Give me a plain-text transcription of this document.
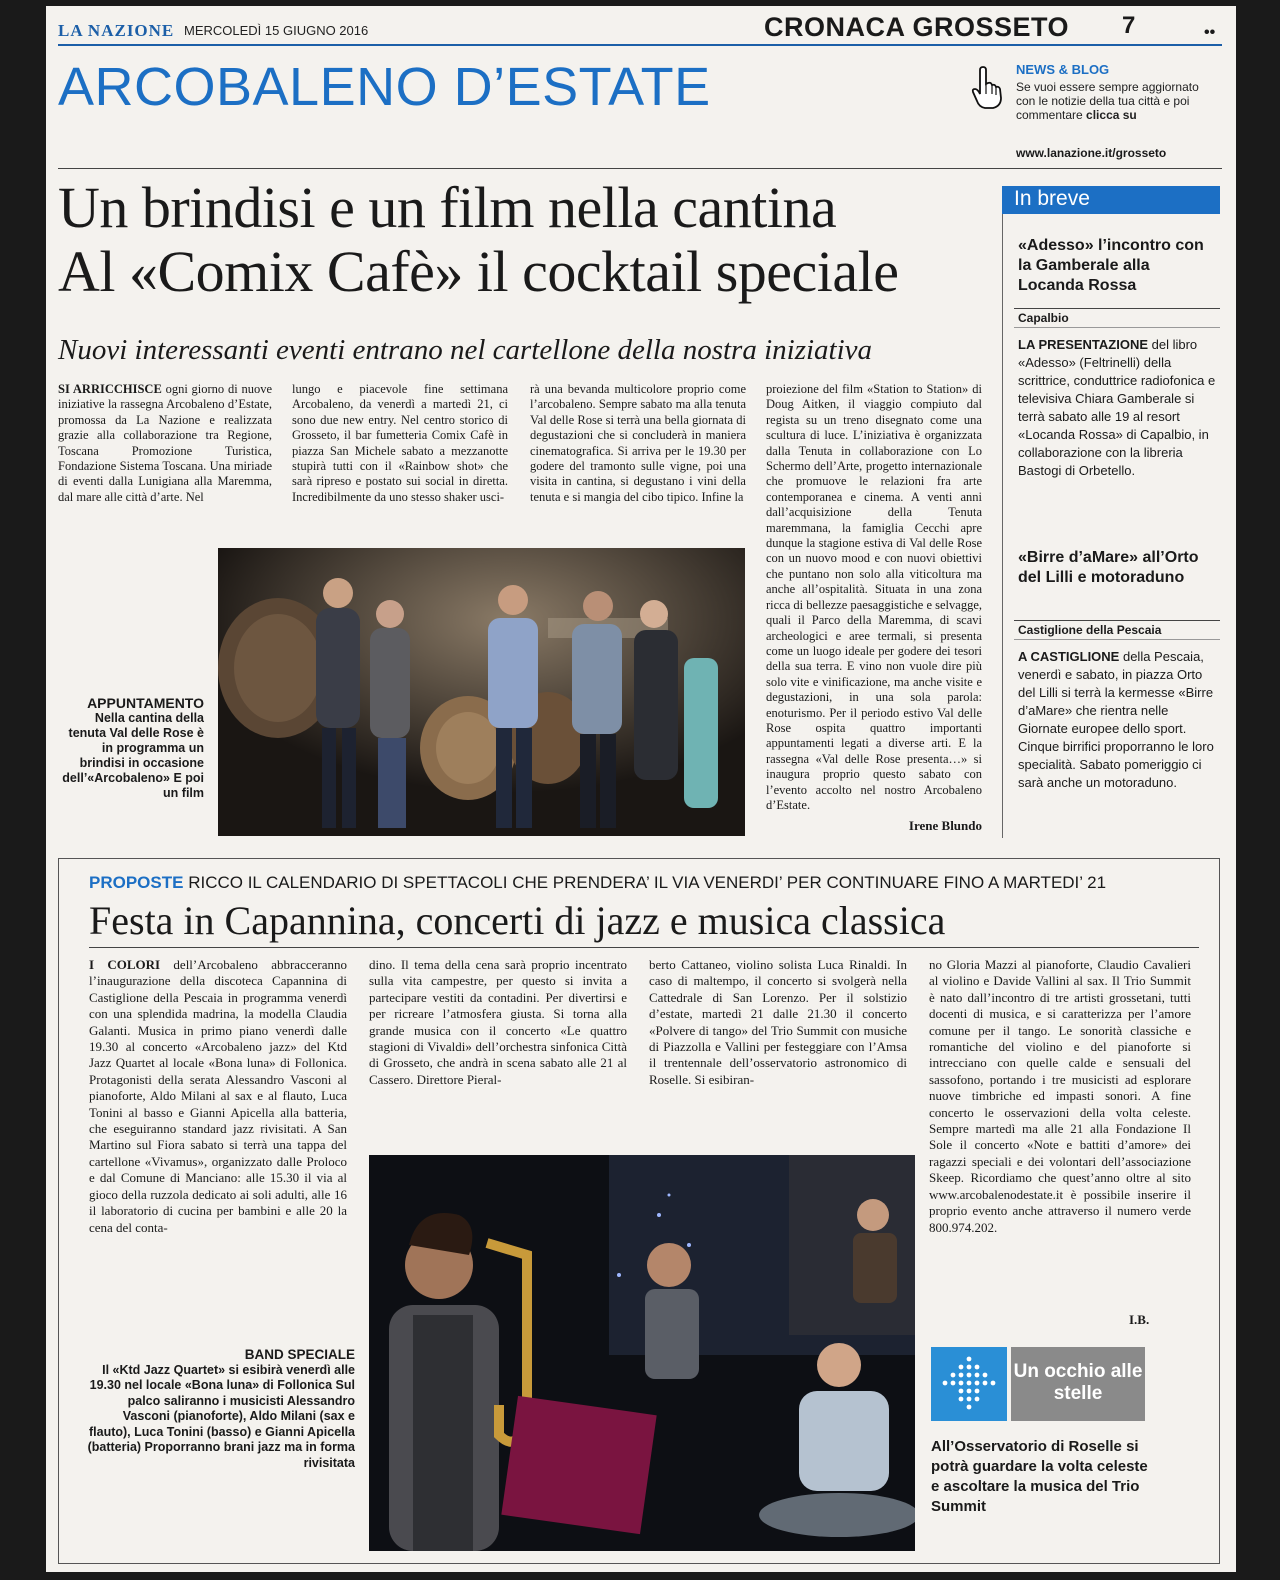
LA NAZIONE MERCOLEDÌ 15 GIUGNO 2016	CRONACA GROSSETO 7	••
ARCOBALENO D’ESTATE	NEWS & BLOG
Se vuoi essere sempre aggiornato con le notizie della tua città e poi commentare clicca su
www.lanazione.it/grosseto
Un brindisi e un film nella cantina
Al «Comix Cafè» il cocktail speciale
Nuovi interessanti eventi entrano nel cartellone della nostra iniziativa
SI ARRICCHISCE ogni giorno di nuove iniziative la rassegna Arcobaleno d’Estate, promossa da La Nazione e realizzata grazie alla collaborazione tra Regione, Toscana Promozione Turistica, Fondazione Sistema Toscana. Una miriade di eventi dalla Lunigiana alla Maremma, dal mare alle città d’arte. Nel
lungo e piacevole fine settimana Arcobaleno, da venerdì a martedì 21, ci sono due new entry. Nel centro storico di Grosseto, il bar fumetteria Comix Cafè in piazza San Michele sabato a mezzanotte stupirà tutti con il «Rainbow shot» che sarà ripreso e postato sui social in diretta. Incredibilmente da uno stesso shaker usci-
rà una bevanda multicolore proprio come l’arcobaleno. Sempre sabato ma alla tenuta Val delle Rose si terrà una bella giornata di degustazioni che si concluderà in maniera cinematografica. Si arriva per le 19.30 per godere del tramonto sulle vigne, poi una visita in cantina, si degustano i vini della tenuta e si mangia del cibo tipico. Infine la
proiezione del film «Station to Station» di Doug Aitken, il viaggio compiuto dal regista su un treno disegnato come una scultura di luce. L’iniziativa è organizzata dalla Tenuta in collaborazione con Lo Schermo dell’Arte, progetto internazionale che promuove le relazioni fra arte contemporanea e cinema. A venti anni dall’acquisizione della Tenuta maremmana, la famiglia Cecchi apre dunque la stagione estiva di Val delle Rose con un nuovo mood e con nuovi obiettivi che puntano non solo alla viticoltura ma anche all’ospitalità. Situata in una zona ricca di bellezze paesaggistiche e selvagge, quali il Parco della Maremma, di scavi archeologici e aree termali, si presenta come un luogo ideale per godere dei tesori della sua terra. E vino non vuole dire più solo vite e vinificazione, ma anche visite e degustazioni, in una sola parola: enoturismo. Per il periodo estivo Val delle Rose ospita quattro importanti appuntamenti legati a diverse arti. E la rassegna «Val delle Rose presenta…» si inaugura proprio questo sabato con l’evento accolto nel nostro Arcobaleno d’Estate.
Irene Blundo
APPUNTAMENTO
Nella cantina della tenuta Val delle Rose è in programma un brindisi in occasione dell’«Arcobaleno» E poi un film
In breve
«Adesso» l’incontro con la Gamberale alla Locanda Rossa
Capalbio
LA PRESENTAZIONE del libro «Adesso» (Feltrinelli) della scrittrice, conduttrice radiofonica e televisiva Chiara Gamberale si terrà sabato alle 19 al resort «Locanda Rossa» di Capalbio, in collaborazione con la libreria Bastogi di Orbetello.
«Birre d’aMare» all’Orto del Lilli e motoraduno
Castiglione della Pescaia
A CASTIGLIONE della Pescaia, venerdì e sabato, in piazza Orto del Lilli si terrà la kermesse «Birre d’aMare» che rientra nelle Giornate europee dello sport. Cinque birrifici proporranno le loro specialità. Sabato pomeriggio ci sarà anche un motoraduno.
PROPOSTE RICCO IL CALENDARIO DI SPETTACOLI CHE PRENDERA’ IL VIA VENERDI’ PER CONTINUARE FINO A MARTEDI’ 21
Festa in Capannina, concerti di jazz e musica classica
I COLORI dell’Arcobaleno abbracceranno l’inaugurazione della discoteca Capannina di Castiglione della Pescaia in programma venerdì con una splendida madrina, la modella Claudia Galanti. Musica in primo piano venerdì dalle 19.30 al concerto «Arcobaleno jazz» del Ktd Jazz Quartet al locale «Bona luna» di Follonica. Protagonisti della serata Alessandro Vasconi al pianoforte, Aldo Milani al sax e al flauto, Luca Tonini al basso e Gianni Apicella alla batteria, che eseguiranno standard jazz rivisitati. A San Martino sul Fiora sabato si terrà una tappa del cartellone «Vivamus», organizzato dalle Proloco e dal Comune di Manciano: alle 15.30 il via al gioco della ruzzola dedicato ai soli adulti, alle 16 il laboratorio di cucina per bambini e alle 20 la cena del conta-
dino. Il tema della cena sarà proprio incentrato sulla vita campestre, per questo si invita a partecipare vestiti da contadini. Per divertirsi e per ricreare l’atmosfera giusta. Si torna alla grande musica con il concerto «Le quattro stagioni di Vivaldi» dell’orchestra sinfonica Città di Grosseto, che andrà in scena sabato alle 21 al Cassero. Direttore Pieral-
berto Cattaneo, violino solista Luca Rinaldi. In caso di maltempo, il concerto si svolgerà nella Cattedrale di San Lorenzo. Per il solstizio d’estate, martedì 21 dalle 21.30 il concerto «Polvere di tango» del Trio Summit con musiche di Piazzolla e Vallini per festeggiare con l’Amsa il trentennale dell’osservatorio astronomico di Roselle. Si esibiran-
no Gloria Mazzi al pianoforte, Claudio Cavalieri al violino e Davide Vallini al sax. Il Trio Summit è nato dall’incontro di tre artisti grossetani, tutti docenti di musica, e si caratterizza per l’amore comune per il tango. Le sonorità classiche e romantiche del violino e del pianoforte si intrecciano con quelle calde e sensuali del sassofono, portando i tre musicisti ad esplorare nuove timbriche ed impasti sonori. A fine concerto le osservazioni della volta celeste. Sempre martedì ma alle 21 alla Fondazione Il Sole il concerto «Note e battiti d’amore» dei ragazzi speciali e dei volontari dell’associazione Skeep. Ricordiamo che quest’anno oltre al sito www.arcobalenodestate.it è possibile inserire il proprio evento anche attraverso il numero verde 800.974.202.
I.B.
BAND SPECIALE
Il «Ktd Jazz Quartet» si esibirà venerdì alle 19.30 nel locale «Bona luna» di Follonica Sul palco saliranno i musicisti Alessandro Vasconi (pianoforte), Aldo Milani (sax e flauto), Luca Tonini (basso) e Gianni Apicella (batteria) Proporranno brani jazz ma in forma rivisitata
Un occhio alle stelle
All’Osservatorio di Roselle si potrà guardare la volta celeste e ascoltare la musica del Trio Summit
